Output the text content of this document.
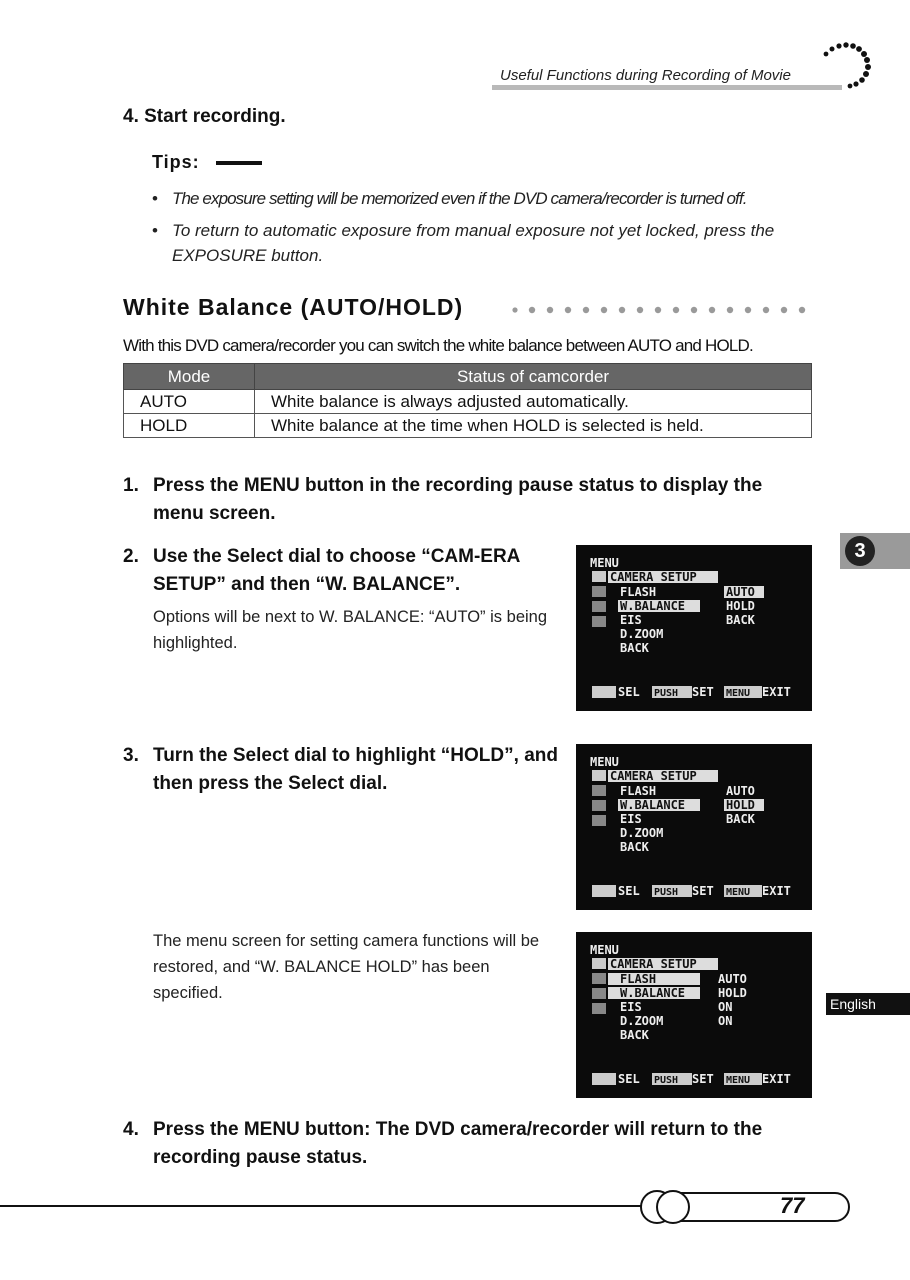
Useful Functions during Recording of Movie
4. Start recording.
Tips:
• The exposure setting will be memorized even if the DVD camera/recorder is turned off.
• To return to automatic exposure from manual exposure not yet locked, press the EXPOSURE button.
White Balance (AUTO/HOLD)
With this DVD camera/recorder you can switch the white balance between AUTO and HOLD.
Mode	Status of camcorder
AUTO	White balance is always adjusted automatically.
HOLD	White balance at the time when HOLD is selected is held.
1. Press the MENU button in the recording pause status to display the menu screen.
2. Use the Select dial to choose “CAM-ERA SETUP” and then “W. BALANCE”.
Options will be next to W. BALANCE: “AUTO” is being highlighted.
3. Turn the Select dial to highlight “HOLD”, and then press the Select dial.
The menu screen for setting camera functions will be restored, and “W. BALANCE HOLD” has been specified.
4. Press the MENU button: The DVD camera/recorder will return to the recording pause status.
MENU
CAMERA SETUP
FLASH
W.BALANCE
EIS
D.ZOOM
BACK
AUTO
HOLD
BACK
SEL PUSH SET MENU EXIT
MENU
CAMERA SETUP
FLASH
W.BALANCE
EIS
D.ZOOM
BACK
AUTO
HOLD
BACK
SEL PUSH SET MENU EXIT
MENU
CAMERA SETUP
FLASH
W.BALANCE
EIS
D.ZOOM
BACK
AUTO
HOLD
ON
ON
SEL PUSH SET MENU EXIT
3
English
77
